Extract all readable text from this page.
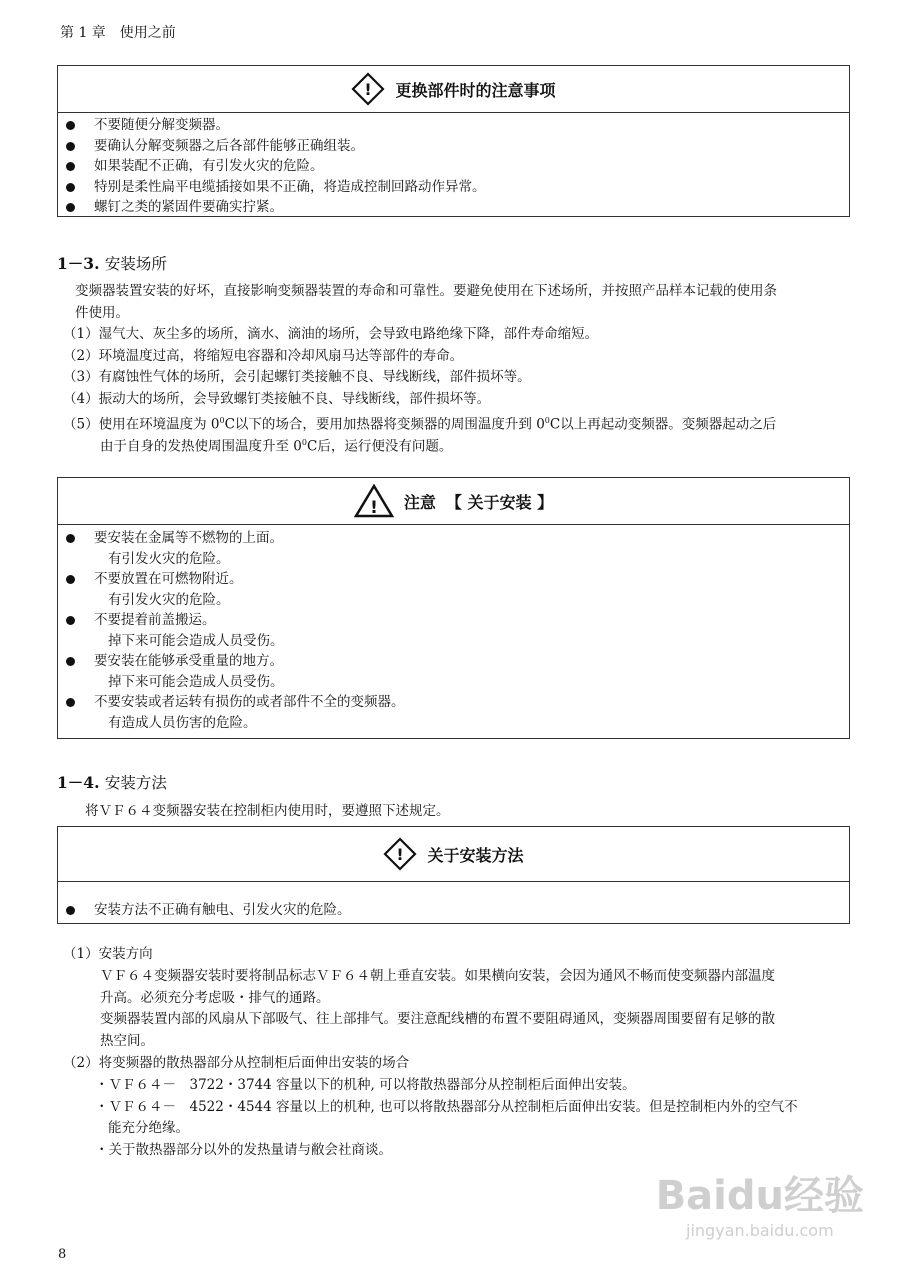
第 1 章　使用之前
! 更换部件时的注意事项
不要随便分解变频器。
要确认分解变频器之后各部件能够正确组装。
如果装配不正确，有引发火灾的危险。
特别是柔性扁平电缆插接如果不正确，将造成控制回路动作异常。
螺钉之类的紧固件要确实拧紧。
1－3. 安装场所
变频器装置安装的好坏，直接影响变频器装置的寿命和可靠性。要避免使用在下述场所，并按照产品样本记载的使用条
件使用。
（1）湿气大、灰尘多的场所，滴水、滴油的场所，会导致电路绝缘下降，部件寿命缩短。
（2）环境温度过高，将缩短电容器和冷却风扇马达等部件的寿命。
（3）有腐蚀性气体的场所，会引起螺钉类接触不良、导线断线，部件损坏等。
（4）振动大的场所，会导致螺钉类接触不良、导线断线，部件损坏等。
（5）使用在环境温度为 $0^0C$以下的场合，要用加热器将变频器的周围温度升到 $0^0C$以上再起动变频器。变频器起动之后
由于自身的发热使周围温度升至 $0^0C$后，运行便没有问题。
! 注意 【 关于安装 】
要安装在金属等不燃物的上面。
有引发火灾的危险。
不要放置在可燃物附近。
有引发火灾的危险。
不要提着前盖搬运。
掉下来可能会造成人员受伤。
要安装在能够承受重量的地方。
掉下来可能会造成人员受伤。
不要安装或者运转有损伤的或者部件不全的变频器。
有造成人员伤害的危险。
1－4. 安装方法
将ＶＦ６４变频器安装在控制柜内使用时，要遵照下述规定。
! 关于安装方法
安装方法不正确有触电、引发火灾的危险。
（1）安装方向
ＶＦ６４变频器安装时要将制品标志ＶＦ６４朝上垂直安装。如果横向安装，会因为通风不畅而使变频器内部温度
升高。必须充分考虑吸・排气的通路。
变频器装置内部的风扇从下部吸气、往上部排气。要注意配线槽的布置不要阻碍通风，变频器周围要留有足够的散
热空间。
（2）将变频器的散热器部分从控制柜后面伸出安装的场合
・ＶＦ６４－　3722・3744 容量以下的机种, 可以将散热器部分从控制柜后面伸出安装。
・ＶＦ６４－　4522・4544 容量以上的机种, 也可以将散热器部分从控制柜后面伸出安装。但是控制柜内外的空气不
能充分绝缘。
・关于散热器部分以外的发热量请与敝会社商谈。
8
Baidu经验
jingyan.baidu.com
